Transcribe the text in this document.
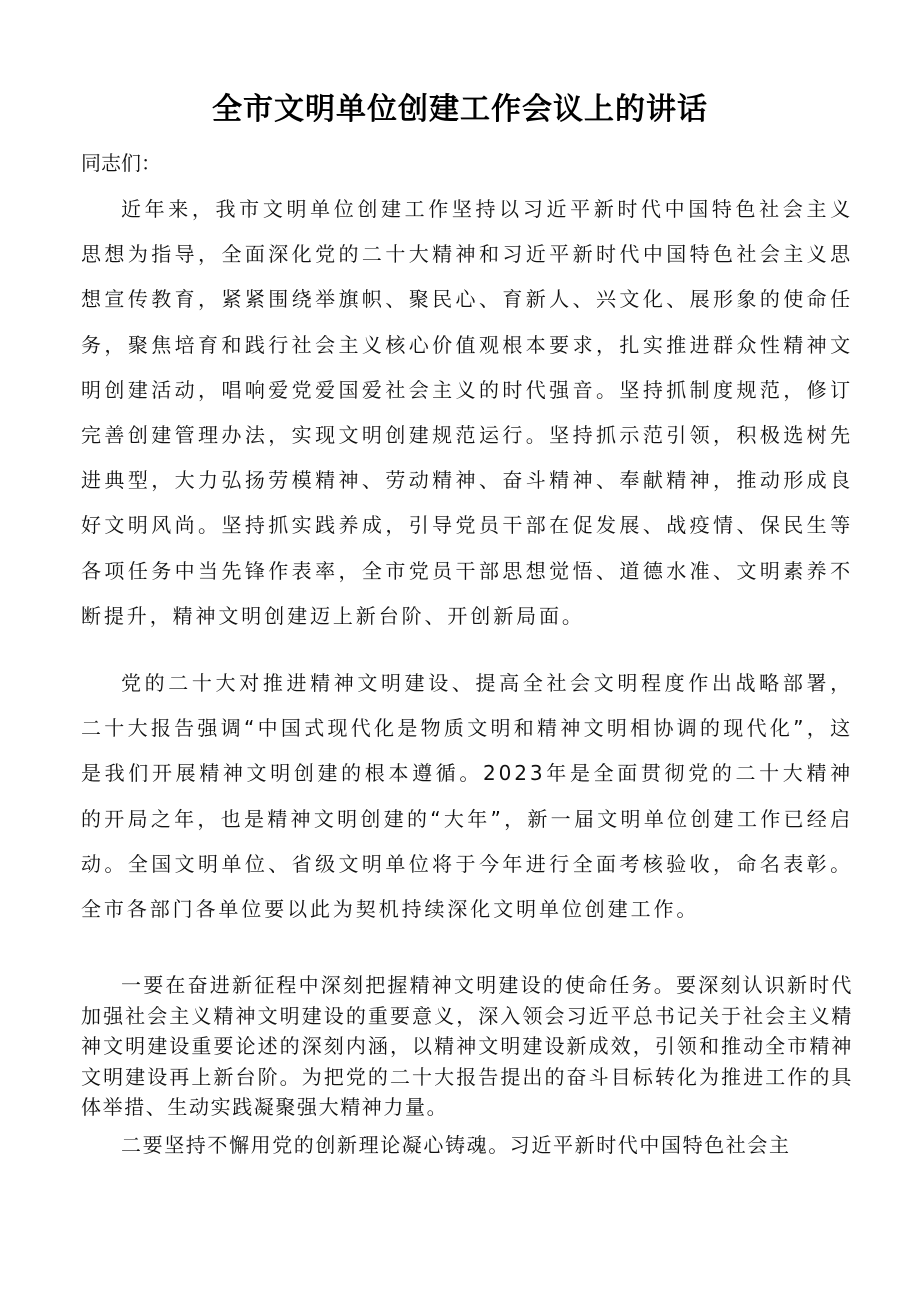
全市文明单位创建工作会议上的讲话

同志们：

近年来，我市文明单位创建工作坚持以习近平新时代中国特色社会主义思想为指导，全面深化党的二十大精神和习近平新时代中国特色社会主义思想宣传教育，紧紧围绕举旗帜、聚民心、育新人、兴文化、展形象的使命任务，聚焦培育和践行社会主义核心价值观根本要求，扎实推进群众性精神文明创建活动，唱响爱党爱国爱社会主义的时代强音。坚持抓制度规范，修订完善创建管理办法，实现文明创建规范运行。坚持抓示范引领，积极选树先进典型，大力弘扬劳模精神、劳动精神、奋斗精神、奉献精神，推动形成良好文明风尚。坚持抓实践养成，引导党员干部在促发展、战疫情、保民生等各项任务中当先锋作表率，全市党员干部思想觉悟、道德水准、文明素养不断提升，精神文明创建迈上新台阶、开创新局面。

党的二十大对推进精神文明建设、提高全社会文明程度作出战略部署，二十大报告强调“中国式现代化是物质文明和精神文明相协调的现代化”，这是我们开展精神文明创建的根本遵循。2023年是全面贯彻党的二十大精神的开局之年，也是精神文明创建的“大年”，新一届文明单位创建工作已经启动。全国文明单位、省级文明单位将于今年进行全面考核验收，命名表彰。全市各部门各单位要以此为契机持续深化文明单位创建工作。

一要在奋进新征程中深刻把握精神文明建设的使命任务。要深刻认识新时代加强社会主义精神文明建设的重要意义，深入领会习近平总书记关于社会主义精神文明建设重要论述的深刻内涵，以精神文明建设新成效，引领和推动全市精神文明建设再上新台阶。为把党的二十大报告提出的奋斗目标转化为推进工作的具体举措、生动实践凝聚强大精神力量。

二要坚持不懈用党的创新理论凝心铸魂。习近平新时代中国特色社会主
